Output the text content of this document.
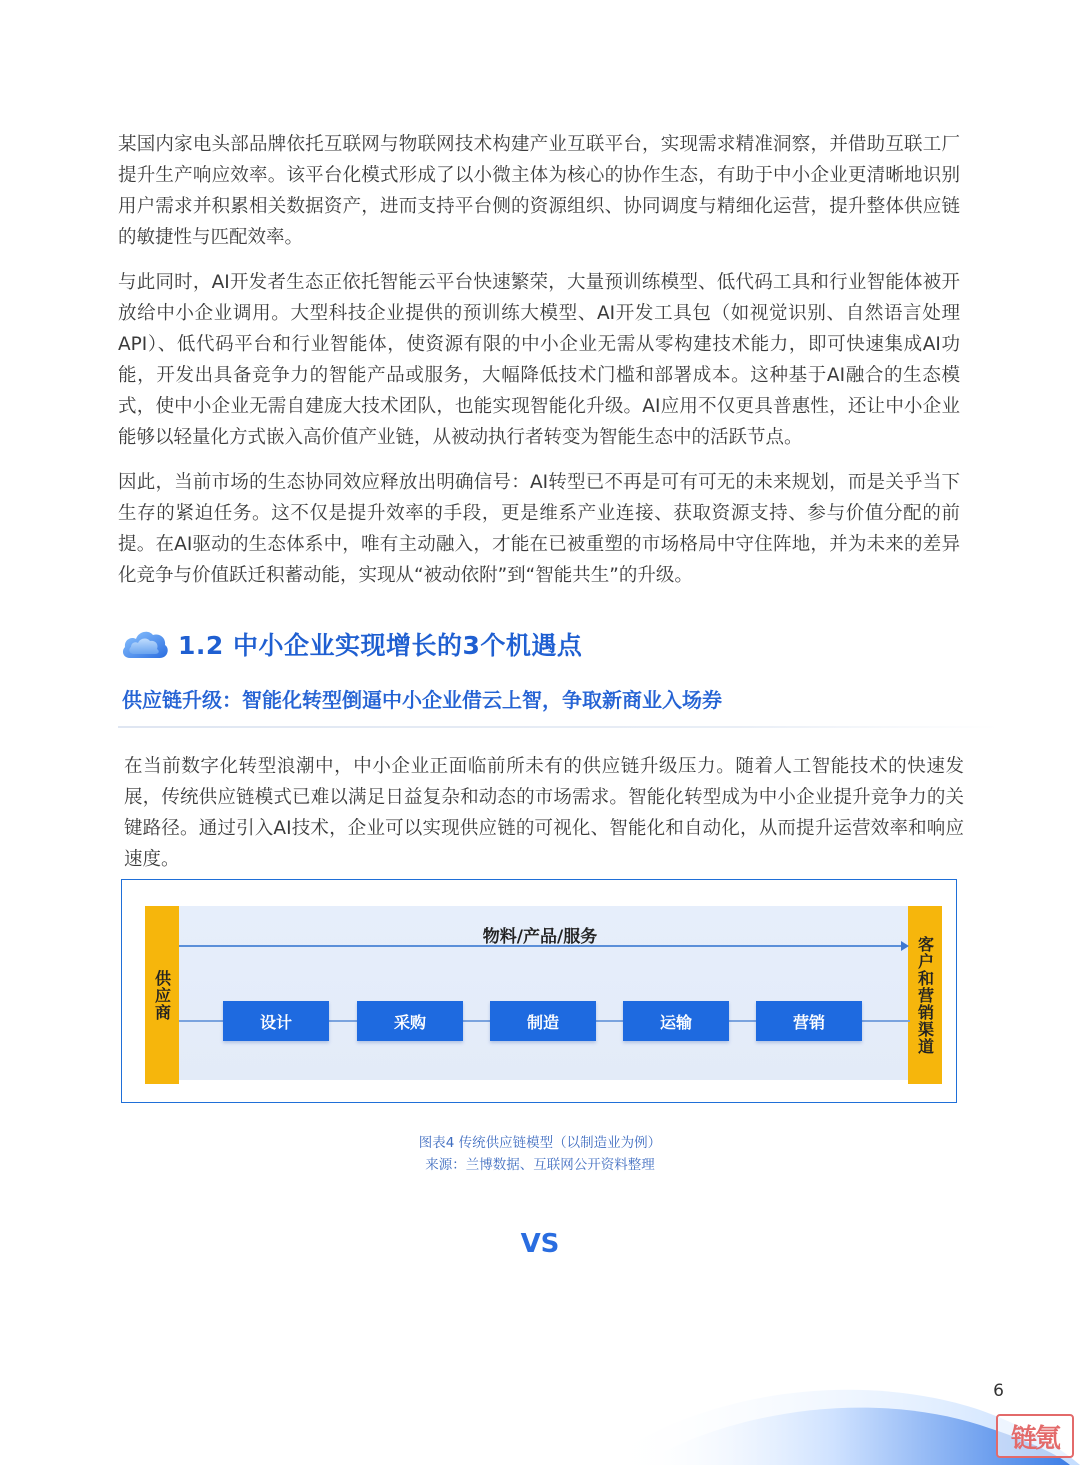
某国内家电头部品牌依托互联网与物联网技术构建产业互联平台，实现需求精准洞察，并借助互联工厂提升生产响应效率。该平台化模式形成了以小微主体为核心的协作生态，有助于中小企业更清晰地识别用户需求并积累相关数据资产，进而支持平台侧的资源组织、协同调度与精细化运营，提升整体供应链的敏捷性与匹配效率。

与此同时，AI开发者生态正依托智能云平台快速繁荣，大量预训练模型、低代码工具和行业智能体被开放给中小企业调用。大型科技企业提供的预训练大模型、AI开发工具包（如视觉识别、自然语言处理API）、低代码平台和行业智能体，使资源有限的中小企业无需从零构建技术能力，即可快速集成AI功能，开发出具备竞争力的智能产品或服务，大幅降低技术门槛和部署成本。这种基于AI融合的生态模式，使中小企业无需自建庞大技术团队，也能实现智能化升级。AI应用不仅更具普惠性，还让中小企业能够以轻量化方式嵌入高价值产业链，从被动执行者转变为智能生态中的活跃节点。

因此，当前市场的生态协同效应释放出明确信号：AI转型已不再是可有可无的未来规划，而是关乎当下生存的紧迫任务。这不仅是提升效率的手段，更是维系产业连接、获取资源支持、参与价值分配的前提。在AI驱动的生态体系中，唯有主动融入，才能在已被重塑的市场格局中守住阵地，并为未来的差异化竞争与价值跃迁积蓄动能，实现从“被动依附”到“智能共生”的升级。

1.2 中小企业实现增长的3个机遇点
供应链升级：智能化转型倒逼中小企业借云上智，争取新商业入场券

在当前数字化转型浪潮中，中小企业正面临前所未有的供应链升级压力。随着人工智能技术的快速发展，传统供应链模式已难以满足日益复杂和动态的市场需求。智能化转型成为中小企业提升竞争力的关键路径。通过引入AI技术，企业可以实现供应链的可视化、智能化和自动化，从而提升运营效率和响应速度。

供应商	客户和营销渠道
物料/产品/服务
设计	采购	制造	运输	营销
图表4 传统供应链模型（以制造业为例）
来源：兰博数据、互联网公开资料整理
VS
6
链氪
